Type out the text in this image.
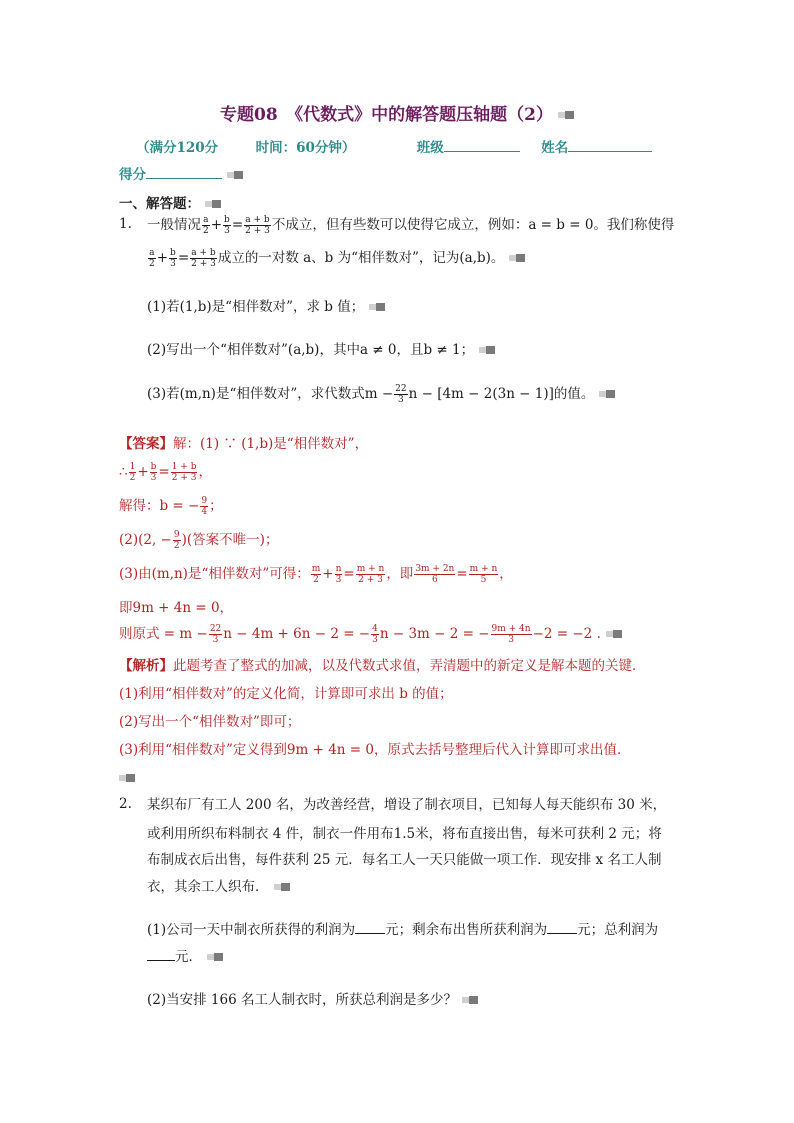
专题08　《代数式》中的解答题压轴题（2）
（满分120分	时间：60分钟）	班级	姓名
得分
一、解答题：
1. 一般情况 $\frac{a}{2} + \frac{b}{3} = \frac{a + b}{2 + 3}$ 不成立，但有些数可以使得它成立，例如：a = b = 0。我们称使得
$\frac{a}{2} + \frac{b}{3} = \frac{a + b}{2 + 3}$ 成立的一对数 a、b 为“相伴数对”，记为(a,b)。
(1)若(1,b)是“相伴数对”，求 b 值；
(2)写出一个“相伴数对”(a,b)，其中a ≠ 0，且b ≠ 1；
(3)若(m,n)是“相伴数对”，求代数式$m - \frac{22}{3}$ n − [4m − 2(3n − 1)]的值。
【答案】解：(1) ∵ (1,b)是“相伴数对”，
∴ $\frac{1}{2} + \frac{b}{3} = \frac{1 + b}{2 + 3}$ ，
解得：b = − $\frac{9}{4}$ ；
(2)(2, − $\frac{9}{2}$ )(答案不唯一)；
(3)由(m,n)是“相伴数对”可得： $\frac{m}{2} + \frac{n}{3} = \frac{m + n}{2 + 3}$ ，即 $\frac{3m + 2n}{6} = \frac{m + n}{5}$ ，
即9m + 4n = 0，
则原式 = $m - \frac{22}{3}$ n − 4m + 6n − 2 = − $\frac{4}{3}$ n − 3m − 2 = − $\frac{9m + 4n}{3} -2 = -2$ .
【解析】此题考查了整式的加减，以及代数式求值，弄清题中的新定义是解本题的关键．
(1)利用“相伴数对”的定义化简，计算即可求出 b 的值；
(2)写出一个“相伴数对”即可；
(3)利用“相伴数对”定义得到9m + 4n = 0，原式去括号整理后代入计算即可求出值．
2. 某织布厂有工人 200 名，为改善经营，增设了制衣项目，已知每人每天能织布 30 米，
或利用所织布料制衣 4 件，制衣一件用布1.5米，将布直接出售，每米可获利 2 元；将
布制成衣后出售，每件获利 25 元．每名工人一天只能做一项工作．现安排 x 名工人制
衣，其余工人织布．
(1)公司一天中制衣所获得的利润为 元；剩余布出售所获利润为 元；总利润为
元．
(2)当安排 166 名工人制衣时，所获总利润是多少？
